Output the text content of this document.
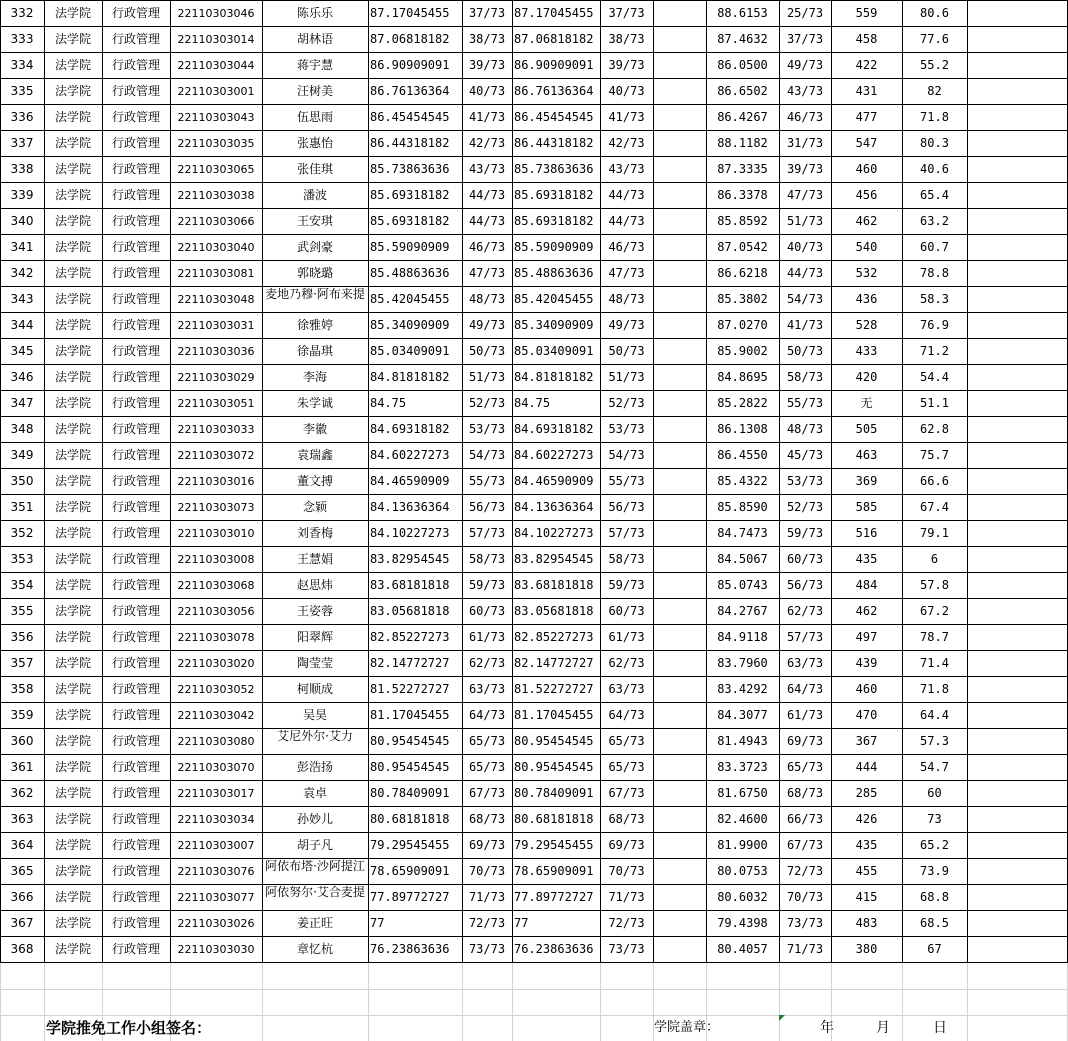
332	法学院	行政管理	22110303046	陈乐乐	87.17045455	37/73 87.17045455	37/73	88.6153	25/73	559	80.6
333	法学院	行政管理	22110303014	胡林语	87.06818182	38/73 87.06818182	38/73	87.4632	37/73	458	77.6
334	法学院	行政管理	22110303044	蒋宇慧	86.90909091	39/73 86.90909091	39/73	86.0500	49/73	422	55.2
335	法学院	行政管理	22110303001	汪树美	86.76136364	40/73 86.76136364	40/73	86.6502	43/73	431	82
336	法学院	行政管理	22110303043	伍思雨	86.45454545	41/73 86.45454545	41/73	86.4267	46/73	477	71.8
337	法学院	行政管理	22110303035	张惠怡	86.44318182	42/73 86.44318182	42/73	88.1182	31/73	547	80.3
338	法学院	行政管理	22110303065	张佳琪	85.73863636	43/73 85.73863636	43/73	87.3335	39/73	460	40.6
339	法学院	行政管理	22110303038	潘波	85.69318182	44/73 85.69318182	44/73	86.3378	47/73	456	65.4
340	法学院	行政管理	22110303066	王安琪	85.69318182	44/73 85.69318182	44/73	85.8592	51/73	462	63.2
341	法学院	行政管理	22110303040	武剑豪	85.59090909	46/73 85.59090909	46/73	87.0542	40/73	540	60.7
342	法学院	行政管理	22110303081	郭晓璐	85.48863636	47/73 85.48863636	47/73	86.6218	44/73	532	78.8
343	法学院	行政管理	22110303048 麦地乃穆·阿布来提 85.42045455	48/73 85.42045455	48/73	85.3802	54/73	436	58.3
344	法学院	行政管理	22110303031	徐雅婷	85.34090909	49/73 85.34090909	49/73	87.0270	41/73	528	76.9
345	法学院	行政管理	22110303036	徐晶琪	85.03409091	50/73 85.03409091	50/73	85.9002	50/73	433	71.2
346	法学院	行政管理	22110303029	李海	84.81818182	51/73 84.81818182	51/73	84.8695	58/73	420	54.4
347	法学院	行政管理	22110303051	朱学诚	84.75	52/73 84.75	52/73	85.2822	55/73	无	51.1
348	法学院	行政管理	22110303033	李徽	84.69318182	53/73 84.69318182	53/73	86.1308	48/73	505	62.8
349	法学院	行政管理	22110303072	袁瑞鑫	84.60227273	54/73 84.60227273	54/73	86.4550	45/73	463	75.7
350	法学院	行政管理	22110303016	董文搏	84.46590909	55/73 84.46590909	55/73	85.4322	53/73	369	66.6
351	法学院	行政管理	22110303073	念颖	84.13636364	56/73 84.13636364	56/73	85.8590	52/73	585	67.4
352	法学院	行政管理	22110303010	刘香梅	84.10227273	57/73 84.10227273	57/73	84.7473	59/73	516	79.1
353	法学院	行政管理	22110303008	王慧娟	83.82954545	58/73 83.82954545	58/73	84.5067	60/73	435	6
354	法学院	行政管理	22110303068	赵思炜	83.68181818	59/73 83.68181818	59/73	85.0743	56/73	484	57.8
355	法学院	行政管理	22110303056	王姿蓉	83.05681818	60/73 83.05681818	60/73	84.2767	62/73	462	67.2
356	法学院	行政管理	22110303078	阳翠辉	82.85227273	61/73 82.85227273	61/73	84.9118	57/73	497	78.7
357	法学院	行政管理	22110303020	陶莹莹	82.14772727	62/73 82.14772727	62/73	83.7960	63/73	439	71.4
358	法学院	行政管理	22110303052	柯顺成	81.52272727	63/73 81.52272727	63/73	83.4292	64/73	460	71.8
359	法学院	行政管理	22110303042	吴昊	81.17045455	64/73 81.17045455	64/73	84.3077	61/73	470	64.4
360	法学院	行政管理	22110303080	艾尼外尔·艾力	80.95454545	65/73 80.95454545	65/73	81.4943	69/73	367	57.3
361	法学院	行政管理	22110303070	彭浩扬	80.95454545	65/73 80.95454545	65/73	83.3723	65/73	444	54.7
362	法学院	行政管理	22110303017	袁卓	80.78409091	67/73 80.78409091	67/73	81.6750	68/73	285	60
363	法学院	行政管理	22110303034	孙妙儿	80.68181818	68/73 80.68181818	68/73	82.4600	66/73	426	73
364	法学院	行政管理	22110303007	胡子凡	79.29545455	69/73 79.29545455	69/73	81.9900	67/73	435	65.2
365	法学院	行政管理	22110303076 阿依布塔·沙阿提江 78.65909091	70/73 78.65909091	70/73	80.0753	72/73	455	73.9
366	法学院	行政管理	22110303077 阿依努尔·艾合麦提 77.89772727	71/73 77.89772727	71/73	80.6032	70/73	415	68.8
367	法学院	行政管理	22110303026	姜正旺	77	72/73 77	72/73	79.4398	73/73	483	68.5
368	法学院	行政管理	22110303030	章忆杭	76.23863636	73/73 76.23863636	73/73	80.4057	71/73	380	67
学院推免工作小组签名：	学院盖章：	年	月	日
